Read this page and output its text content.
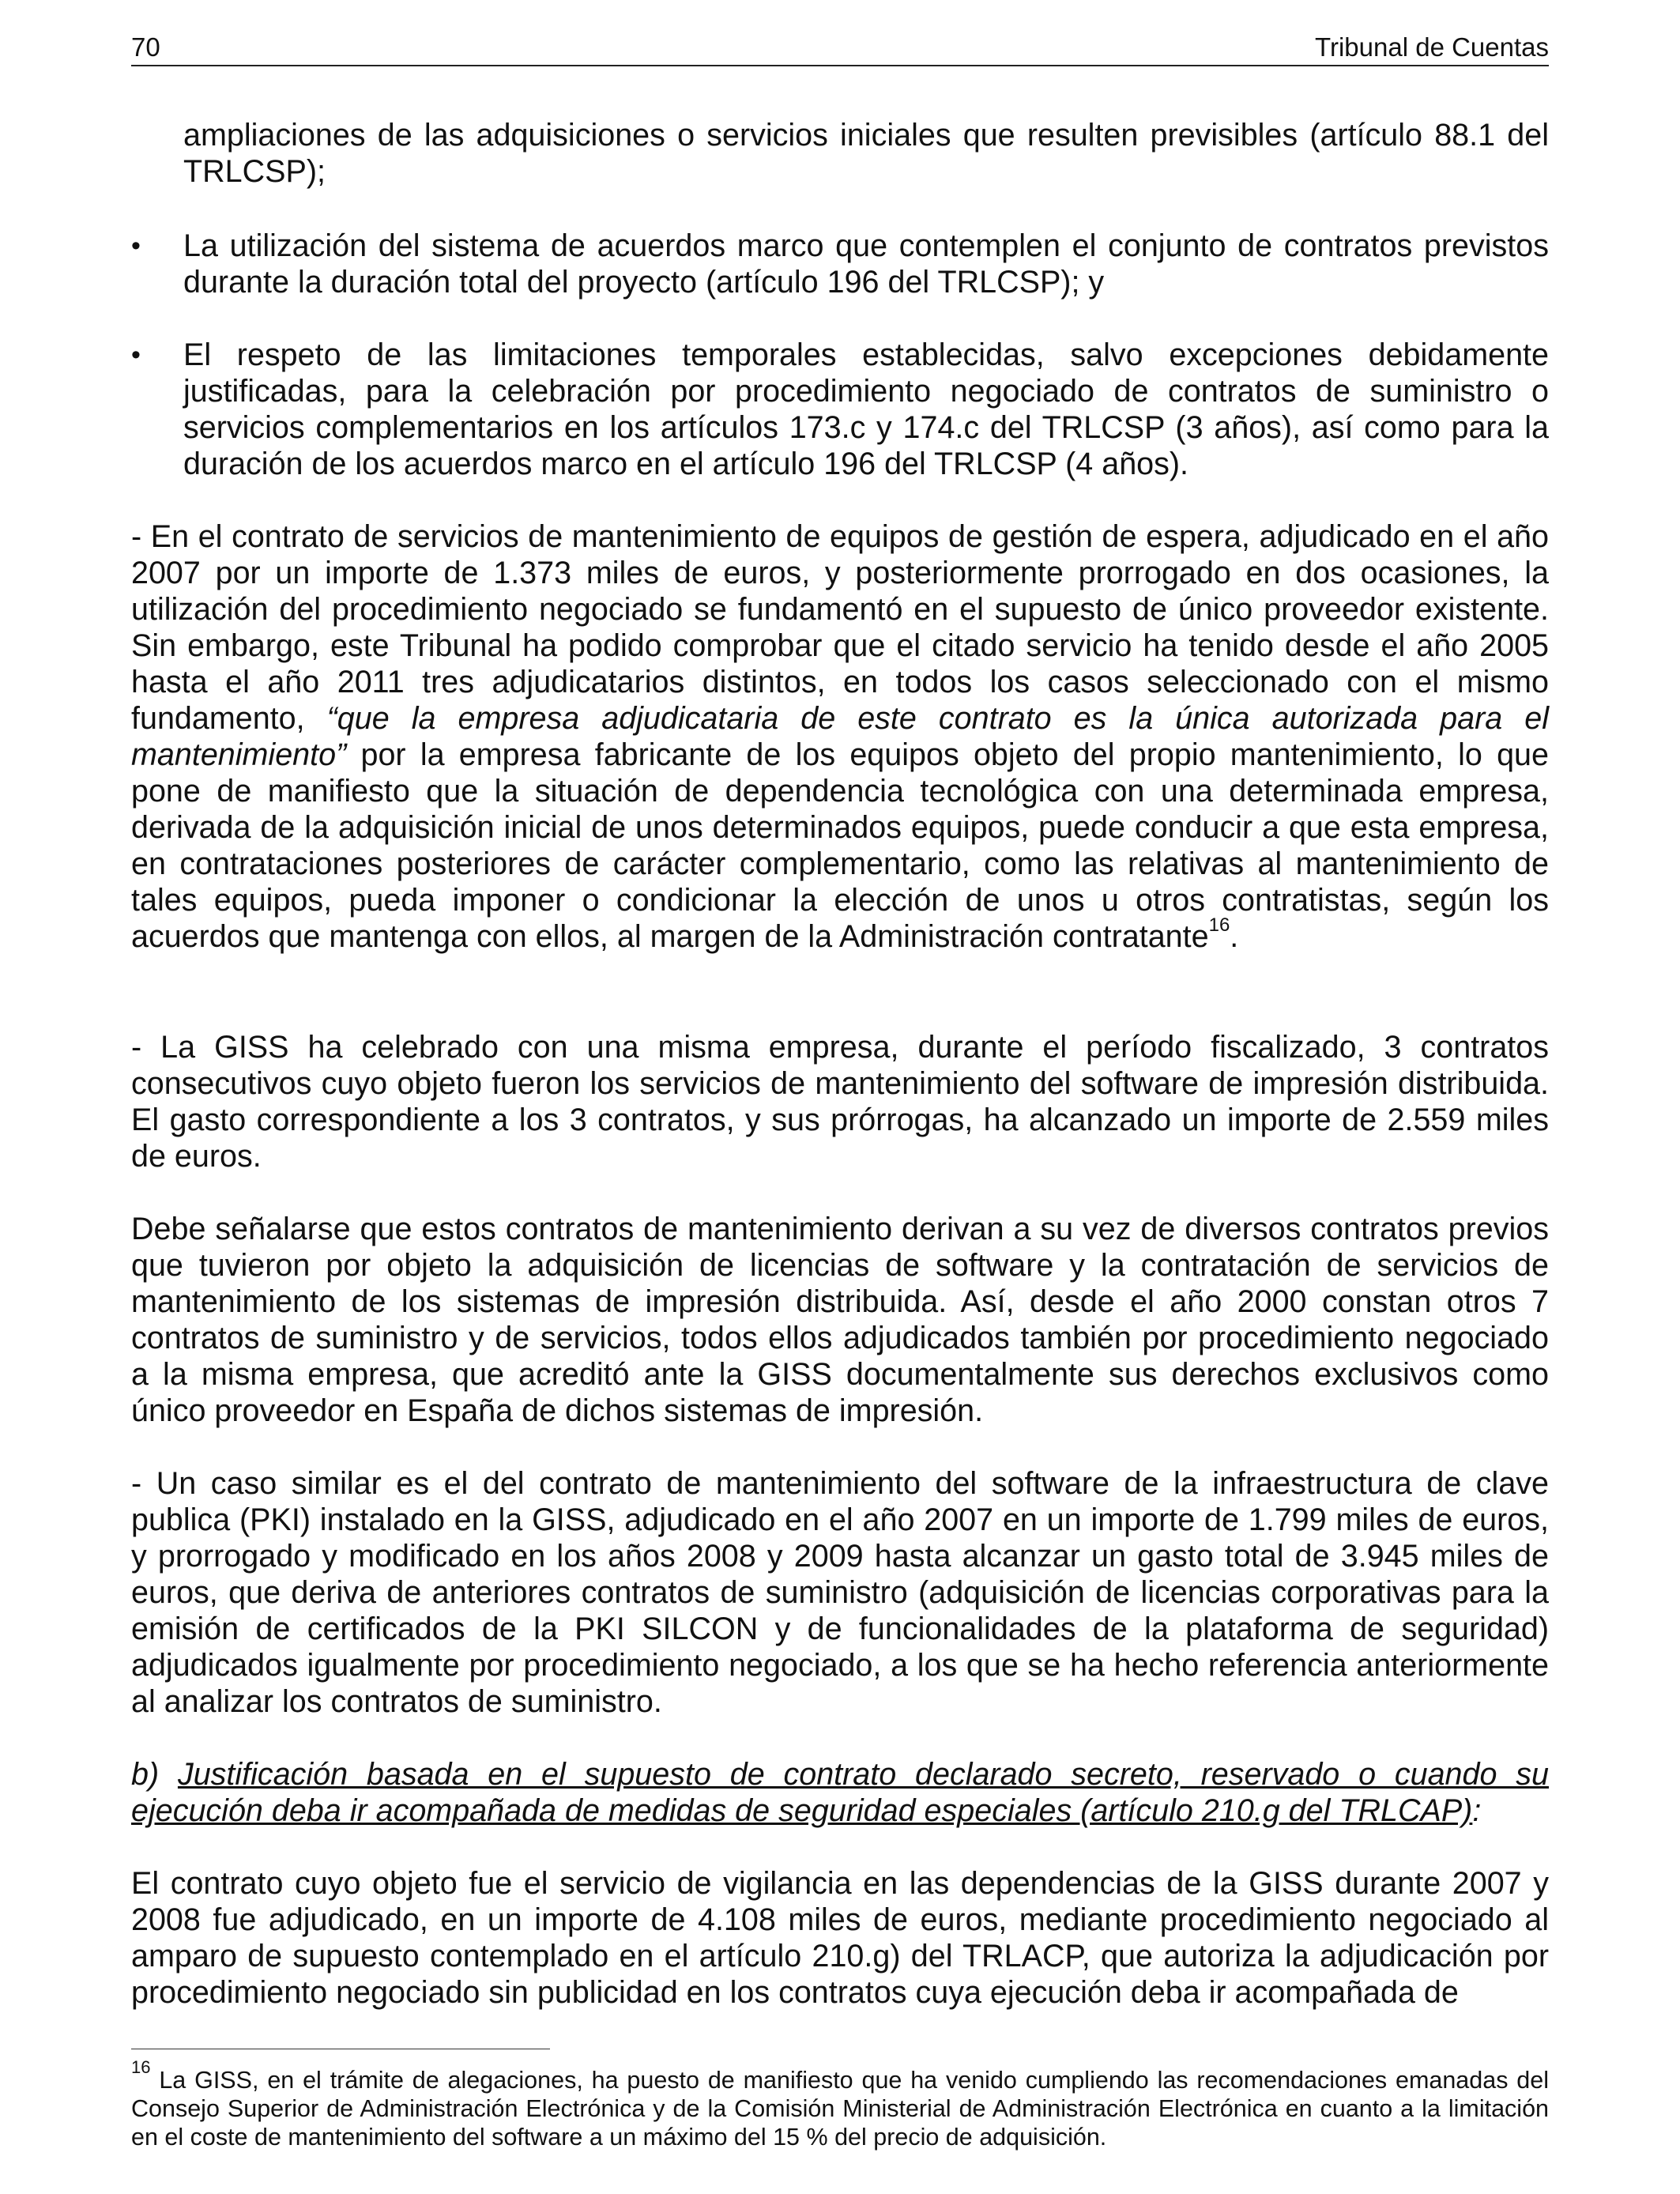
70	Tribunal de Cuentas

ampliaciones de las adquisiciones o servicios iniciales que resulten previsibles (artículo 88.1 del TRLCSP);

•	La utilización del sistema de acuerdos marco que contemplen el conjunto de contratos previstos durante la duración total del proyecto (artículo 196 del TRLCSP); y

•	El respeto de las limitaciones temporales establecidas, salvo excepciones debidamente justificadas, para la celebración por procedimiento negociado de contratos de suministro o servicios complementarios en los artículos 173.c y 174.c del TRLCSP (3 años), así como para la duración de los acuerdos marco en el artículo 196 del TRLCSP (4 años).

- En el contrato de servicios de mantenimiento de equipos de gestión de espera, adjudicado en el año 2007 por un importe de 1.373 miles de euros, y posteriormente prorrogado en dos ocasiones, la utilización del procedimiento negociado se fundamentó en el supuesto de único proveedor existente. Sin embargo, este Tribunal ha podido comprobar que el citado servicio ha tenido desde el año 2005 hasta el año 2011 tres adjudicatarios distintos, en todos los casos seleccionado con el mismo fundamento, “que la empresa adjudicataria de este contrato es la única autorizada para el mantenimiento” por la empresa fabricante de los equipos objeto del propio mantenimiento, lo que pone de manifiesto que la situación de dependencia tecnológica con una determinada empresa, derivada de la adquisición inicial de unos determinados equipos, puede conducir a que esta empresa, en contrataciones posteriores de carácter complementario, como las relativas al mantenimiento de tales equipos, pueda imponer o condicionar la elección de unos u otros contratistas, según los acuerdos que mantenga con ellos, al margen de la Administración contratante$^{16}$.

- La GISS ha celebrado con una misma empresa, durante el período fiscalizado, 3 contratos consecutivos cuyo objeto fueron los servicios de mantenimiento del software de impresión distribuida. El gasto correspondiente a los 3 contratos, y sus prórrogas, ha alcanzado un importe de 2.559 miles de euros.

Debe señalarse que estos contratos de mantenimiento derivan a su vez de diversos contratos previos que tuvieron por objeto la adquisición de licencias de software y la contratación de servicios de mantenimiento de los sistemas de impresión distribuida. Así, desde el año 2000 constan otros 7 contratos de suministro y de servicios, todos ellos adjudicados también por procedimiento negociado a la misma empresa, que acreditó ante la GISS documentalmente sus derechos exclusivos como único proveedor en España de dichos sistemas de impresión.

- Un caso similar es el del contrato de mantenimiento del software de la infraestructura de clave publica (PKI) instalado en la GISS, adjudicado en el año 2007 en un importe de 1.799 miles de euros, y prorrogado y modificado en los años 2008 y 2009 hasta alcanzar un gasto total de 3.945 miles de euros, que deriva de anteriores contratos de suministro (adquisición de licencias corporativas para la emisión de certificados de la PKI SILCON y de funcionalidades de la plataforma de seguridad) adjudicados igualmente por procedimiento negociado, a los que se ha hecho referencia anteriormente al analizar los contratos de suministro.

b) Justificación basada en el supuesto de contrato declarado secreto, reservado o cuando su ejecución deba ir acompañada de medidas de seguridad especiales (artículo 210.g del TRLCAP):

El contrato cuyo objeto fue el servicio de vigilancia en las dependencias de la GISS durante 2007 y 2008 fue adjudicado, en un importe de 4.108 miles de euros, mediante procedimiento negociado al amparo de supuesto contemplado en el artículo 210.g) del TRLACP, que autoriza la adjudicación por procedimiento negociado sin publicidad en los contratos cuya ejecución deba ir acompañada de

$^{16}$ La GISS, en el trámite de alegaciones, ha puesto de manifiesto que ha venido cumpliendo las recomendaciones emanadas del Consejo Superior de Administración Electrónica y de la Comisión Ministerial de Administración Electrónica en cuanto a la limitación en el coste de mantenimiento del software a un máximo del 15 % del precio de adquisición.
